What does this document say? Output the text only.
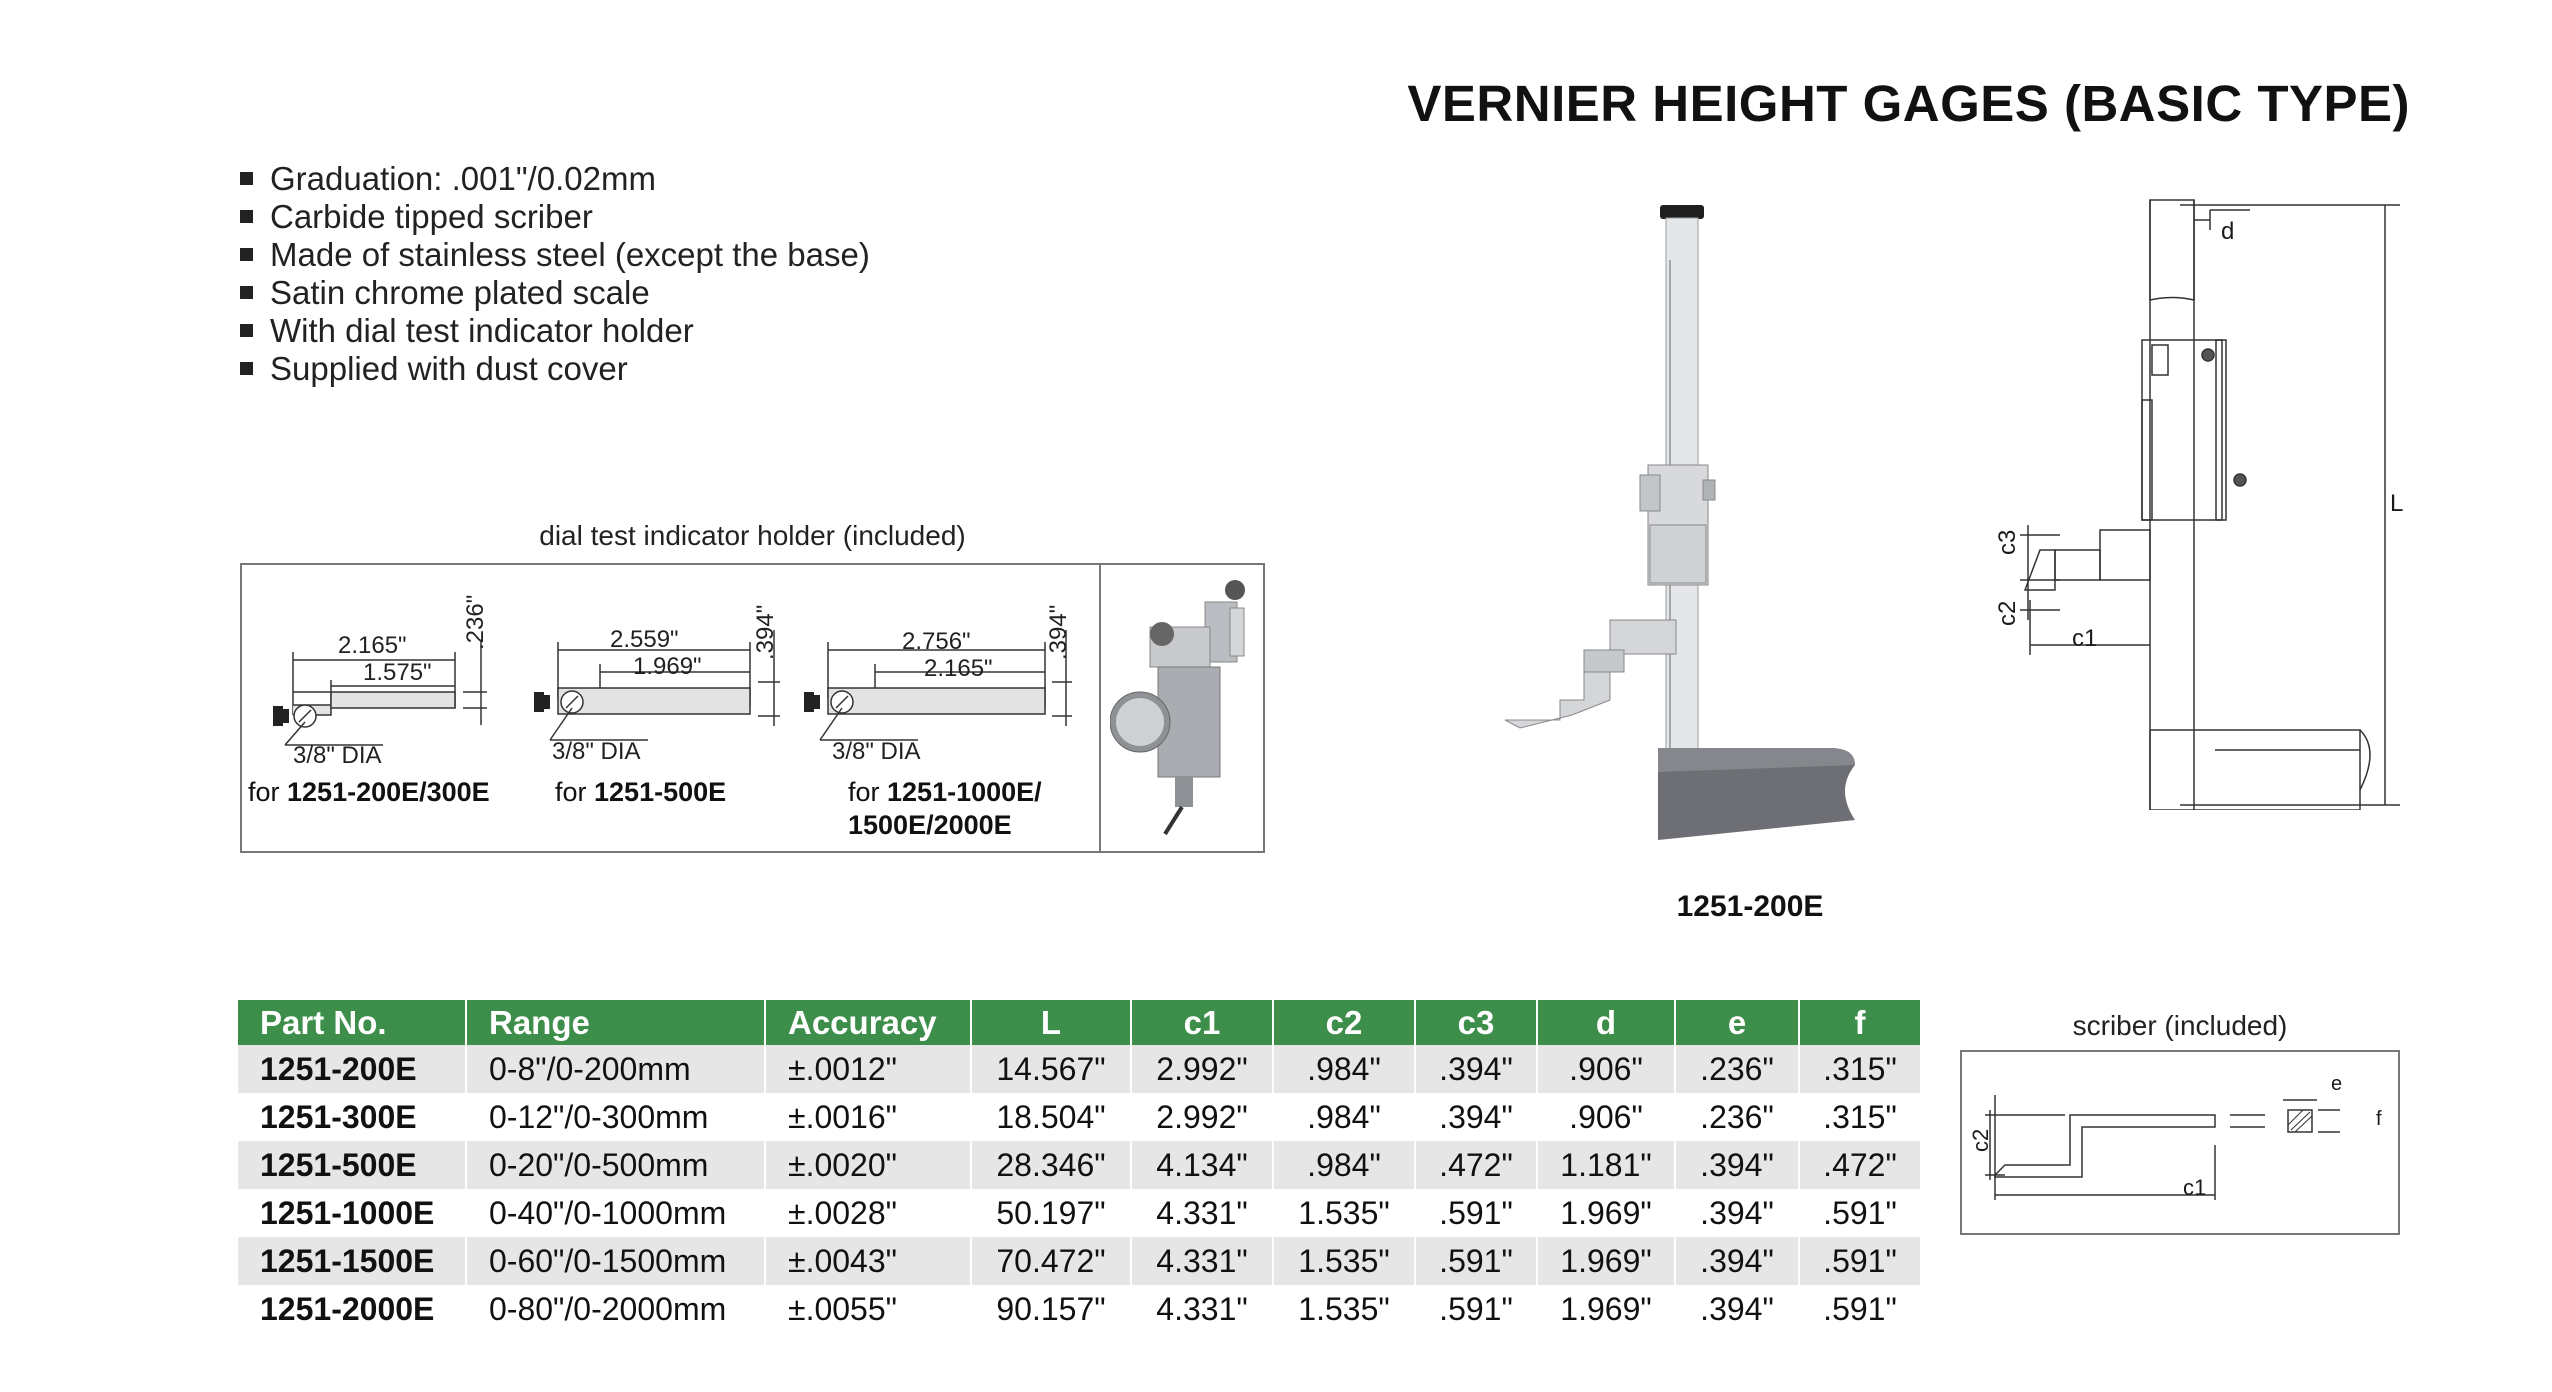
VERNIER HEIGHT GAGES (BASIC TYPE)
Graduation: .001"/0.02mm
Carbide tipped scriber
Made of stainless steel (except the base)
Satin chrome plated scale
With dial test indicator holder
Supplied with dust cover
dial test indicator holder (included)
2.165"
1.575"
.236"
3/8" DIA
for 1251-200E/300E
2.559"
1.969"
.394"
3/8" DIA
for 1251-500E
2.756"
2.165"
.394"
3/8" DIA
for 1251-1000E/
1500E/2000E
1251-200E
d
L
c1
c2
c3
Part No.	Range	Accuracy	L	c1	c2	c3	d	e	f
1251-200E	0-8"/0-200mm	±.0012"	14.567"	2.992"	.984"	.394"	.906"	.236"	.315"
1251-300E	0-12"/0-300mm	±.0016"	18.504"	2.992"	.984"	.394"	.906"	.236"	.315"
1251-500E	0-20"/0-500mm	±.0020"	28.346"	4.134"	.984"	.472"	1.181"	.394"	.472"
1251-1000E	0-40"/0-1000mm	±.0028"	50.197"	4.331"	1.535"	.591"	1.969"	.394"	.591"
1251-1500E	0-60"/0-1500mm	±.0043"	70.472"	4.331"	1.535"	.591"	1.969"	.394"	.591"
1251-2000E	0-80"/0-2000mm	±.0055"	90.157"	4.331"	1.535"	.591"	1.969"	.394"	.591"
scriber (included)
c1
c2
e
f
